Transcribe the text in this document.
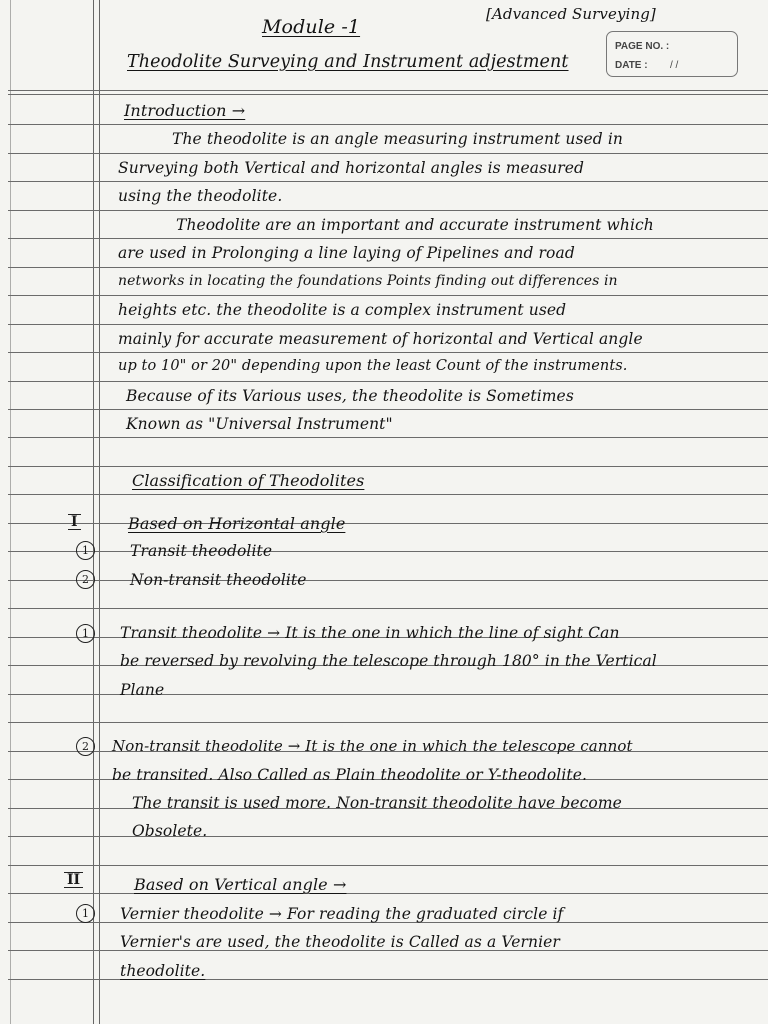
Module -1
[Advanced Surveying]
Theodolite Surveying and Instrument adjestment
PAGE NO. :
DATE : / /
Introduction →
The theodolite is an angle measuring instrument used in
Surveying both Vertical and horizontal angles is measured
using the theodolite.
Theodolite are an important and accurate instrument which
are used in Prolonging a line laying of Pipelines and road
networks in locating the foundations Points finding out differences in
heights etc. the theodolite is a complex instrument used
mainly for accurate measurement of horizontal and Vertical angle
up to 10" or 20" depending upon the least Count of the instruments.
Because of its Various uses, the theodolite is Sometimes
Known as "Universal Instrument"
Classification of Theodolites
I	Based on Horizontal angle
1	Transit theodolite
2	Non-transit theodolite
1	Transit theodolite → It is the one in which the line of sight Can
be reversed by revolving the telescope through 180° in the Vertical
Plane
2	Non-transit theodolite → It is the one in which the telescope cannot
be transited. Also Called as Plain theodolite or Y-theodolite.
The transit is used more. Non-transit theodolite have become
Obsolete.
II	Based on Vertical angle →
1	Vernier theodolite → For reading the graduated circle if
Vernier's are used, the theodolite is Called as a Vernier
theodolite.
